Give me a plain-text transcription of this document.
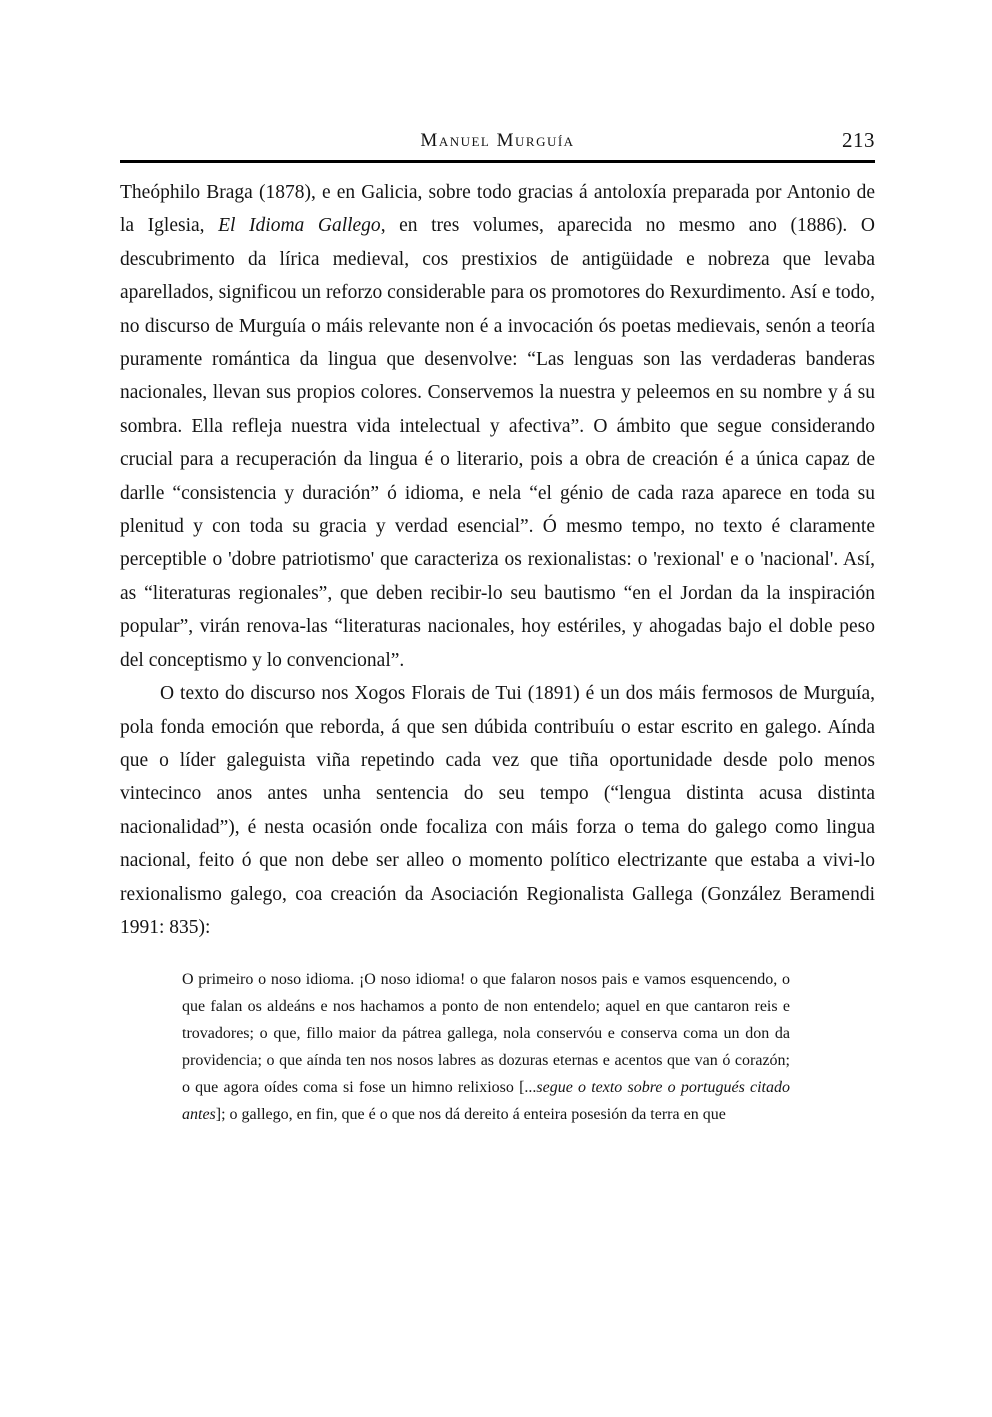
Manuel Murguía	213

Theóphilo Braga (1878), e en Galicia, sobre todo gracias á antoloxía preparada por Antonio de la Iglesia, El Idioma Gallego, en tres volumes, aparecida no mesmo ano (1886). O descubrimento da lírica medieval, cos prestixios de antigüidade e nobreza que levaba aparellados, significou un reforzo considerable para os promotores do Rexurdimento. Así e todo, no discurso de Murguía o máis relevante non é a invocación ós poetas medievais, senón a teoría puramente romántica da lingua que desenvolve: “Las lenguas son las verdaderas banderas nacionales, llevan sus propios colores. Conservemos la nuestra y peleemos en su nombre y á su sombra. Ella refleja nuestra vida intelectual y afectiva”. O ámbito que segue considerando crucial para a recuperación da lingua é o literario, pois a obra de creación é a única capaz de darlle “consistencia y duración” ó idioma, e nela “el génio de cada raza aparece en toda su plenitud y con toda su gracia y verdad esencial”. Ó mesmo tempo, no texto é claramente perceptible o 'dobre patriotismo' que caracteriza os rexionalistas: o 'rexional' e o 'nacional'. Así, as “literaturas regionales”, que deben recibir-lo seu bautismo “en el Jordan da la inspiración popular”, virán renova-las “literaturas nacionales, hoy estériles, y ahogadas bajo el doble peso del conceptismo y lo convencional”.

O texto do discurso nos Xogos Florais de Tui (1891) é un dos máis fermosos de Murguía, pola fonda emoción que reborda, á que sen dúbida contribuíu o estar escrito en galego. Aínda que o líder galeguista viña repetindo cada vez que tiña oportunidade desde polo menos vintecinco anos antes unha sentencia do seu tempo (“lengua distinta acusa distinta nacionalidad”), é nesta ocasión onde focaliza con máis forza o tema do galego como lingua nacional, feito ó que non debe ser alleo o momento político electrizante que estaba a vivi-lo rexionalismo galego, coa creación da Asociación Regionalista Gallega (González Beramendi 1991: 835):

O primeiro o noso idioma. ¡O noso idioma! o que falaron nosos pais e vamos esquencendo, o que falan os aldeáns e nos hachamos a ponto de non entendelo; aquel en que cantaron reis e trovadores; o que, fillo maior da pátrea gallega, nola conservóu e conserva coma un don da providencia; o que aínda ten nos nosos labres as dozuras eternas e acentos que van ó corazón; o que agora oídes coma si fose un himno relixioso [...segue o texto sobre o portugués citado antes]; o gallego, en fin, que é o que nos dá dereito á enteira posesión da terra en que
